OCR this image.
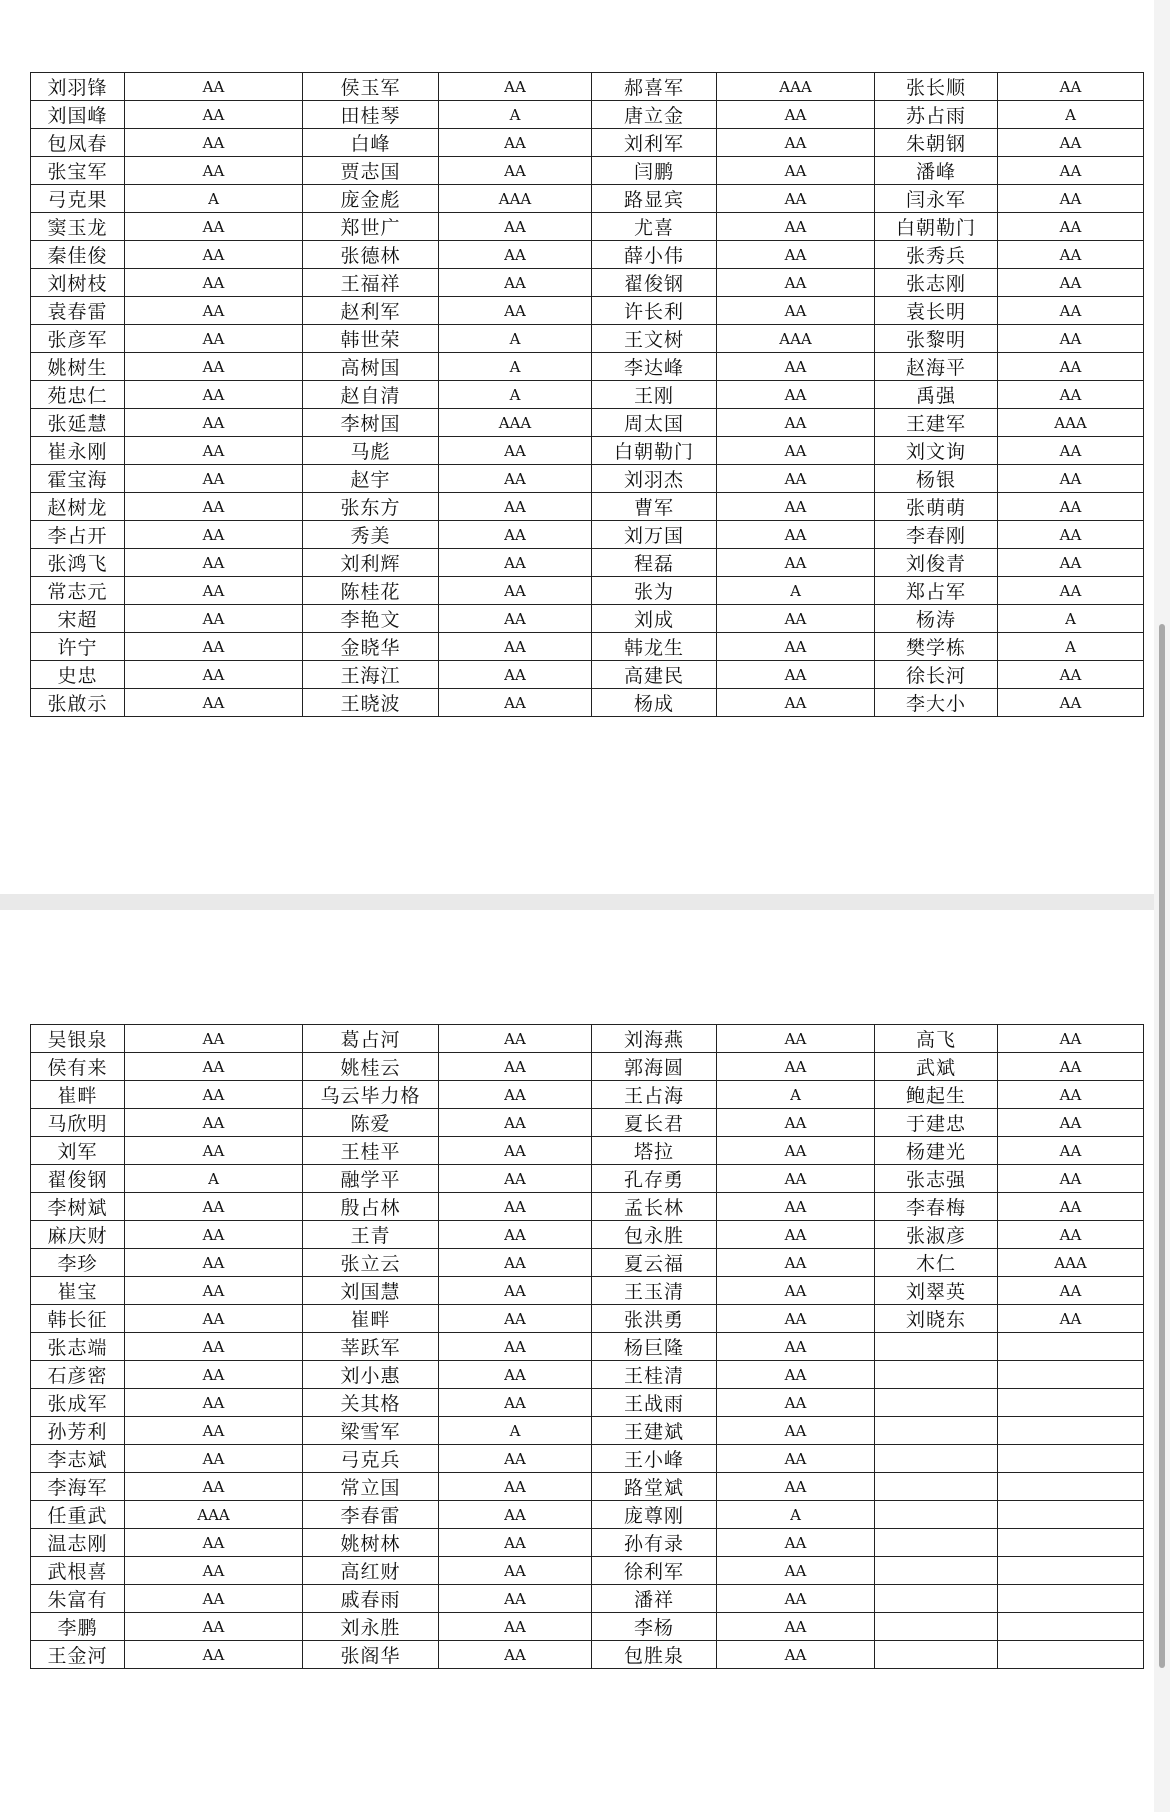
刘羽锋	AA	侯玉军	AA	郝喜军	AAA	张长顺	AA
刘国峰	AA	田桂琴	A	唐立金	AA	苏占雨	A
包凤春	AA	白峰	AA	刘利军	AA	朱朝钢	AA
张宝军	AA	贾志国	AA	闫鹏	AA	潘峰	AA
弓克果	A	庞金彪	AAA	路显宾	AA	闫永军	AA
窦玉龙	AA	郑世广	AA	尤喜	AA	白朝勒门	AA
秦佳俊	AA	张德林	AA	薛小伟	AA	张秀兵	AA
刘树枝	AA	王福祥	AA	翟俊钢	AA	张志刚	AA
袁春雷	AA	赵利军	AA	许长利	AA	袁长明	AA
张彦军	AA	韩世荣	A	王文树	AAA	张黎明	AA
姚树生	AA	高树国	A	李达峰	AA	赵海平	AA
苑忠仁	AA	赵自清	A	王刚	AA	禹强	AA
张延慧	AA	李树国	AAA	周太国	AA	王建军	AAA
崔永刚	AA	马彪	AA	白朝勒门	AA	刘文询	AA
霍宝海	AA	赵宇	AA	刘羽杰	AA	杨银	AA
赵树龙	AA	张东方	AA	曹军	AA	张萌萌	AA
李占开	AA	秀美	AA	刘万国	AA	李春刚	AA
张鸿飞	AA	刘利辉	AA	程磊	AA	刘俊青	AA
常志元	AA	陈桂花	AA	张为	A	郑占军	AA
宋超	AA	李艳文	AA	刘成	AA	杨涛	A
许宁	AA	金晓华	AA	韩龙生	AA	樊学栋	A
史忠	AA	王海江	AA	高建民	AA	徐长河	AA
张啟示	AA	王晓波	AA	杨成	AA	李大小	AA
吴银泉	AA	葛占河	AA	刘海燕	AA	高飞	AA
侯有来	AA	姚桂云	AA	郭海圆	AA	武斌	AA
崔畔	AA	乌云毕力格	AA	王占海	A	鲍起生	AA
马欣明	AA	陈爱	AA	夏长君	AA	于建忠	AA
刘军	AA	王桂平	AA	塔拉	AA	杨建光	AA
翟俊钢	A	融学平	AA	孔存勇	AA	张志强	AA
李树斌	AA	殷占林	AA	孟长林	AA	李春梅	AA
麻庆财	AA	王青	AA	包永胜	AA	张淑彦	AA
李珍	AA	张立云	AA	夏云福	AA	木仁	AAA
崔宝	AA	刘国慧	AA	王玉清	AA	刘翠英	AA
韩长征	AA	崔畔	AA	张洪勇	AA	刘晓东	AA
张志端	AA	莘跃军	AA	杨巨隆	AA		
石彦密	AA	刘小惠	AA	王桂清	AA		
张成军	AA	关其格	AA	王战雨	AA		
孙芳利	AA	梁雪军	A	王建斌	AA		
李志斌	AA	弓克兵	AA	王小峰	AA		
李海军	AA	常立国	AA	路堂斌	AA		
任重武	AAA	李春雷	AA	庞尊刚	A		
温志刚	AA	姚树林	AA	孙有录	AA		
武根喜	AA	高红财	AA	徐利军	AA		
朱富有	AA	戚春雨	AA	潘祥	AA		
李鹏	AA	刘永胜	AA	李杨	AA		
王金河	AA	张阁华	AA	包胜泉	AA		
